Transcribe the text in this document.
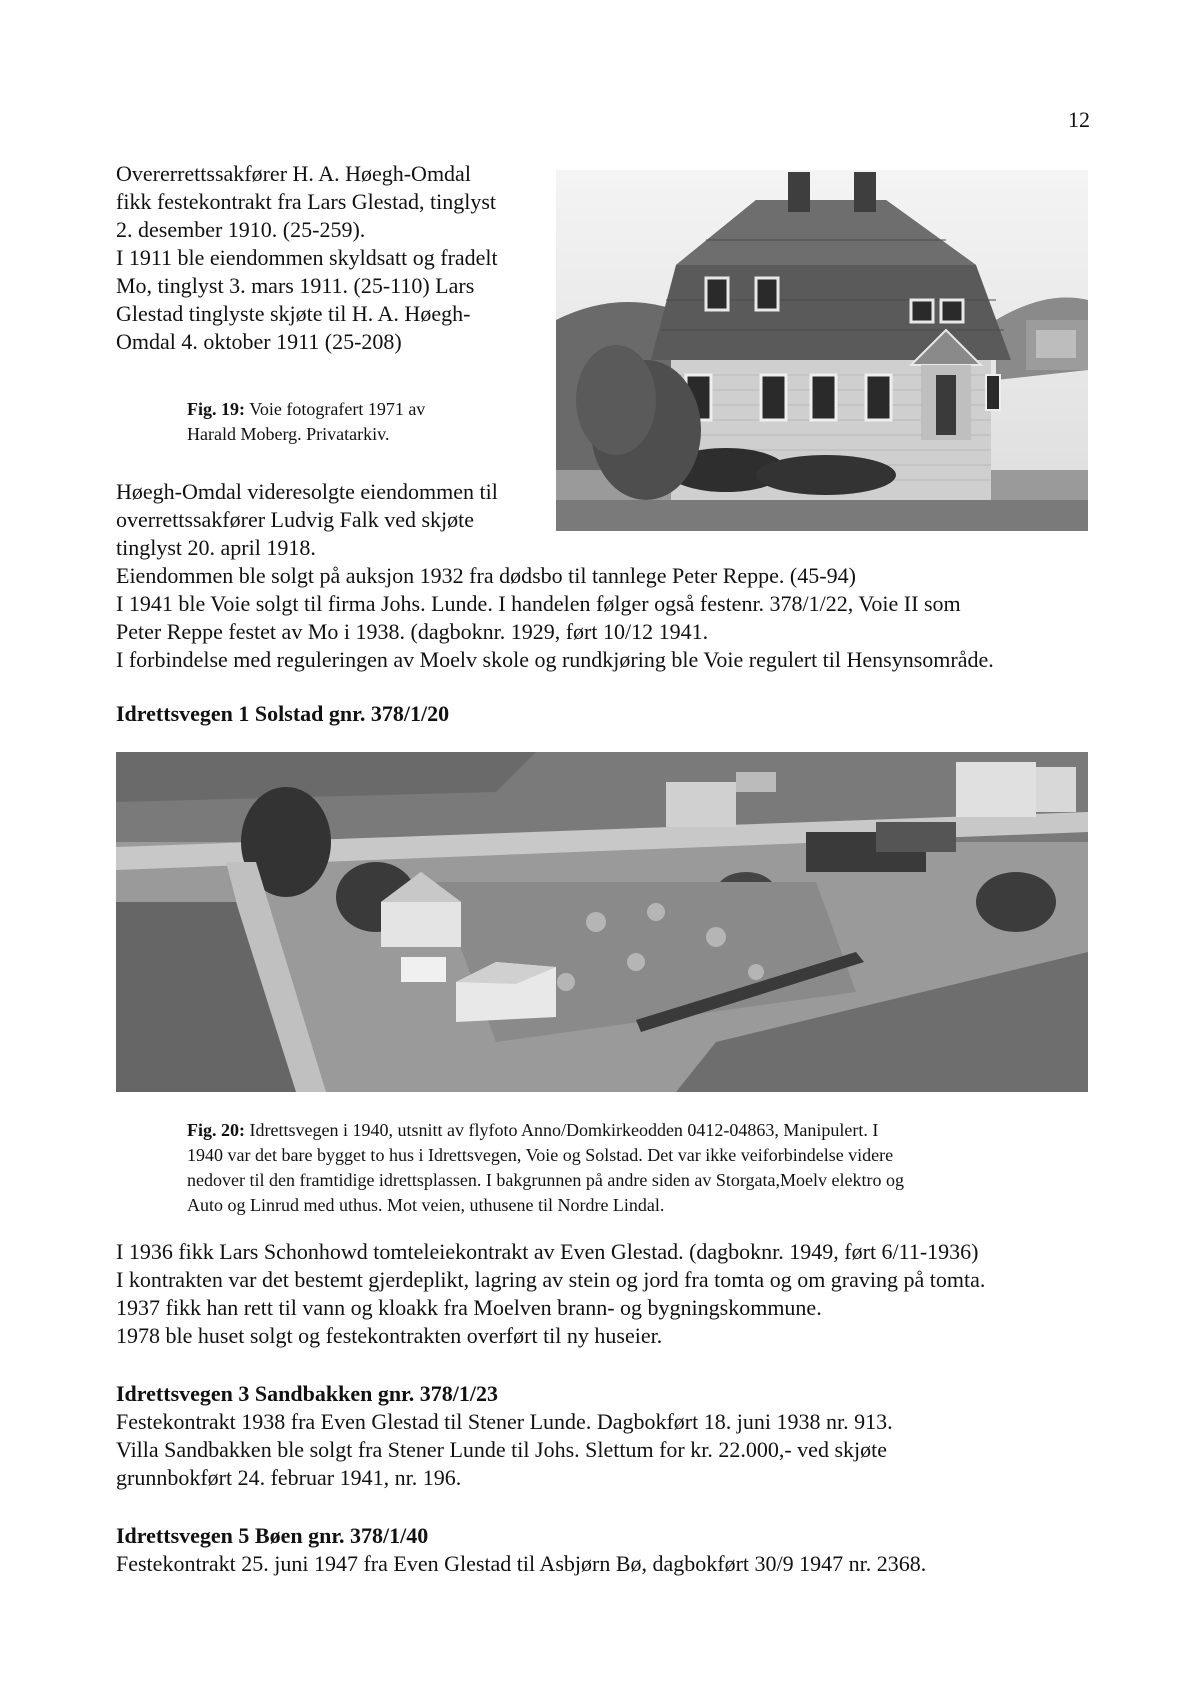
12
Overerrettssakfører H. A. Høegh-Omdal
fikk festekontrakt fra Lars Glestad, tinglyst
2. desember 1910. (25-259).
I 1911 ble eiendommen skyldsatt og fradelt
Mo, tinglyst 3. mars 1911. (25-110) Lars
Glestad tinglyste skjøte til H. A. Høegh-
Omdal 4. oktober 1911 (25-208)
Fig. 19: Voie fotografert 1971 av
Harald Moberg. Privatarkiv.
Høegh-Omdal videresolgte eiendommen til
overrettssakfører Ludvig Falk ved skjøte
tinglyst 20. april 1918.
Eiendommen ble solgt på auksjon 1932 fra dødsbo til tannlege Peter Reppe. (45-94)
I 1941 ble Voie solgt til firma Johs. Lunde. I handelen følger også festenr. 378/1/22, Voie II som
Peter Reppe festet av Mo i 1938. (dagboknr. 1929, ført 10/12 1941.
I forbindelse med reguleringen av Moelv skole og rundkjøring ble Voie regulert til Hensynsområde.
Idrettsvegen 1 Solstad gnr. 378/1/20
Fig. 20: Idrettsvegen i 1940, utsnitt av flyfoto Anno/Domkirkeodden 0412-04863, Manipulert. I
1940 var det bare bygget to hus i Idrettsvegen, Voie og Solstad. Det var ikke veiforbindelse videre
nedover til den framtidige idrettsplassen. I bakgrunnen på andre siden av Storgata,Moelv elektro og
Auto og Linrud med uthus. Mot veien, uthusene til Nordre Lindal.
I 1936 fikk Lars Schonhowd tomteleiekontrakt av Even Glestad. (dagboknr. 1949, ført 6/11-1936)
I kontrakten var det bestemt gjerdeplikt, lagring av stein og jord fra tomta og om graving på tomta.
1937 fikk han rett til vann og kloakk fra Moelven brann- og bygningskommune.
1978 ble huset solgt og festekontrakten overført til ny huseier.
Idrettsvegen 3 Sandbakken gnr. 378/1/23
Festekontrakt 1938 fra Even Glestad til Stener Lunde. Dagbokført 18. juni 1938 nr. 913.
Villa Sandbakken ble solgt fra Stener Lunde til Johs. Slettum for kr. 22.000,- ved skjøte
grunnbokført 24. februar 1941, nr. 196.
Idrettsvegen 5 Bøen gnr. 378/1/40
Festekontrakt 25. juni 1947 fra Even Glestad til Asbjørn Bø, dagbokført 30/9 1947 nr. 2368.
